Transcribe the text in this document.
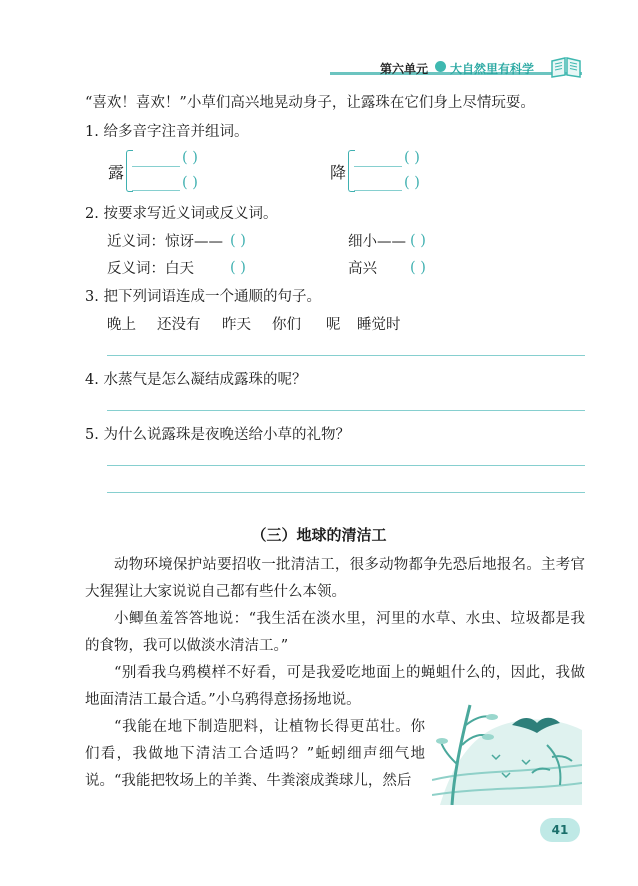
第六单元 大自然里有科学
“喜欢！喜欢！”小草们高兴地晃动身子，让露珠在它们身上尽情玩耍。
1. 给多音字注音并组词。
露
( )
( )
降
( )
( )
2. 按要求写近义词或反义词。
近义词：惊讶—— ( )	细小—— ( )
反义词：白天 ( )	高兴 ( )
3. 把下列词语连成一个通顺的句子。
晚上 还没有 昨天 你们 呢 睡觉时
4. 水蒸气是怎么凝结成露珠的呢？
5. 为什么说露珠是夜晚送给小草的礼物？
（三）地球的清洁工
动物环境保护站要招收一批清洁工，很多动物都争先恐后地报名。主考官大猩猩让大家说说自己都有些什么本领。
小鲫鱼羞答答地说：“我生活在淡水里，河里的水草、水虫、垃圾都是我的食物，我可以做淡水清洁工。”
“别看我乌鸦模样不好看，可是我爱吃地面上的蝇蛆什么的，因此，我做地面清洁工最合适。”小乌鸦得意扬扬地说。
“我能在地下制造肥料，让植物长得更茁壮。你们看，我做地下清洁工合适吗？”蚯蚓细声细气地说。 “我能把牧场上的羊粪、牛粪滚成粪球儿，然后
41
